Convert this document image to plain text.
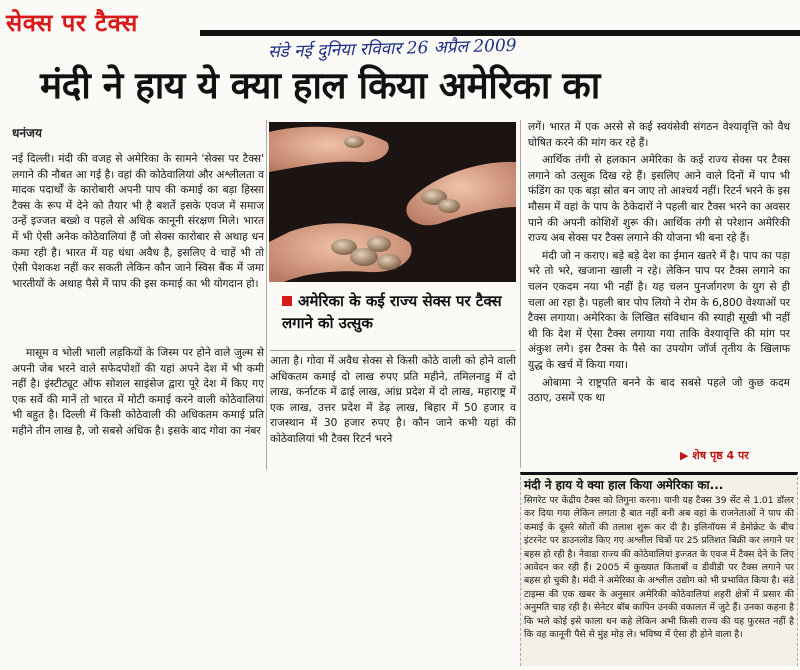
सेक्स पर टैक्स
संडे नई दुनिया रविवार 26 अप्रैल 2009
मंदी ने हाय ये क्या हाल किया अमेरिका का
धनंजय

नई दिल्ली। मंदी की वजह से अमेरिका के सामने 'सेक्स पर टैक्स' लगाने की नौबत आ गई है। वहां की कोठेवालियां और अश्लीलता व मादक पदार्थों के कारोबारी अपनी पाप की कमाई का बड़ा हिस्सा टैक्स के रूप में देने को तैयार भी है बशर्ते इसके एवज में समाज उन्हें इज्जत बख्शे व पहले से अधिक कानूनी संरक्षण मिले। भारत में भी ऐसी अनेक कोठेवालियां हैं जो सेक्स कारोबार से अथाह धन कमा रही है। भारत में यह धंधा अवैध है, इसलिए वे चाहें भी तो ऐसी पेशकश नहीं कर सकती लेकिन कौन जाने स्विस बैंक में जमा भारतीयों के अथाह पैसे में पाप की इस कमाई का भी योगदान हो।

मासूम व भोली भाली लड़कियों के जिस्म पर होने वाले जुल्म से अपनी जेब भरने वाले सफेदपोशों की यहां अपने देश में भी कमी नहीं है। इंस्टीट्यूट ऑफ सोशल साइंसेज द्वारा पूरे देश में किए गए एक सर्वे की मानें तो भारत में मोटी कमाई करने वाली कोठेवालियां भी बहुत है। दिल्ली में किसी कोठेवाली की अधिकतम कमाई प्रति महीने तीन लाख है, जो सबसे अधिक है। इसके बाद गोवा का नंबर

अमेरिका के कई राज्य सेक्स पर टैक्स लगाने को उत्सुक

आता है। गोवा में अवैध सेक्स से किसी कोठे वाली को होने वाली अधिकतम कमाई दो लाख रुपए प्रति महीने, तमिलनाडु में दो लाख, कर्नाटक में ढाई लाख, आंध्र प्रदेश में दो लाख, महाराष्ट्र में एक लाख, उत्तर प्रदेश में डेढ़ लाख, बिहार में 50 हजार व राजस्थान में 30 हजार रुपए है। कौन जाने कभी यहां की कोठेवालियां भी टैक्स रिटर्न भरने

लगें। भारत में एक अरसे से कई स्वयंसेवी संगठन वेश्यावृत्ति को वैध घोषित करने की मांग कर रहे हैं।

आर्थिक तंगी से हलकान अमेरिका के कई राज्य सेक्स पर टैक्स लगाने को उत्सुक दिख रहे हैं। इसलिए आने वाले दिनों में पाप भी फंडिंग का एक बड़ा स्रोत बन जाए तो आश्चर्य नहीं। रिटर्न भरने के इस मौसम में वहां के पाप के ठेकेदारों ने पहली बार टैक्स भरने का अवसर पाने की अपनी कोशिशें शुरू की। आर्थिक तंगी से परेशान अमेरिकी राज्य अब सेक्स पर टैक्स लगाने की योजना भी बना रहे हैं।

मंदी जो न कराए। बड़े बड़े देश का ईमान खतरे में है। पाप का पड़ा भरे तो भरे, खजाना खाली न रहे। लेकिन पाप पर टैक्स लगाने का चलन एकदम नया भी नहीं है। यह चलन पुनर्जागरण के युग से ही चला आ रहा है। पहली बार पोप लियो ने रोम के 6,800 वेश्याओं पर टैक्स लगाया। अमेरिका के लिखित संविधान की स्याही सूखी भी नहीं थी कि देश में ऐसा टैक्स लगाया गया ताकि वेश्यावृत्ति की मांग पर अंकुश लगे। इस टैक्स के पैसे का उपयोग जॉर्ज तृतीय के खिलाफ युद्ध के खर्च में किया गया।

ओबामा ने राष्ट्रपति बनने के बाद सबसे पहले जो कुछ कदम उठाए, उसमें एक था

▶ शेष पृष्ठ 4 पर
मंदी ने हाय ये क्या हाल किया अमेरिका का...
सिगरेट पर केंद्रीय टैक्स को तिगुना करना। यानी यह टैक्स 39 सेंट से 1.01 डॉलर कर दिया गया लेकिन लगता है बात नहीं बनी अब वहां के राजनेताओं ने पाप की कमाई के दूसरे स्रोतों की तलाश शुरू कर दी है। इलिनॉयस में डेमोक्रेट के बीच इंटरनेट पर डाउनलोड किए गए अश्लील चित्रों पर 25 प्रतिशत बिक्री कर लगाने पर बहस हो रही है। नेवाडा राज्य की कोठेवालियां इज्जत के एवज में टैक्स देने के लिए आवेदन कर रही हैं। 2005 में कुख्यात किताबों व डीवीडी पर टैक्स लगाने पर बहस हो चुकी है। मंदी ने अमेरिका के अश्लील उद्योग को भी प्रभावित किया है। संडे टाइम्स की एक खबर के अनुसार अमेरिकी कोठेवालियां शहरी क्षेत्रों में प्रसार की अनुमति चाह रही है। सेनेटर बॉब कापिन उनकी वकालत में जुटे हैं। उनका कहना है कि भले कोई इसे काला धन कहे लेकिन अभी किसी राज्य की यह फुरसत नहीं है कि वह कानूनी पैसे से मुंह मोड़ ले। भविष्य में ऐसा ही होने वाला है।
